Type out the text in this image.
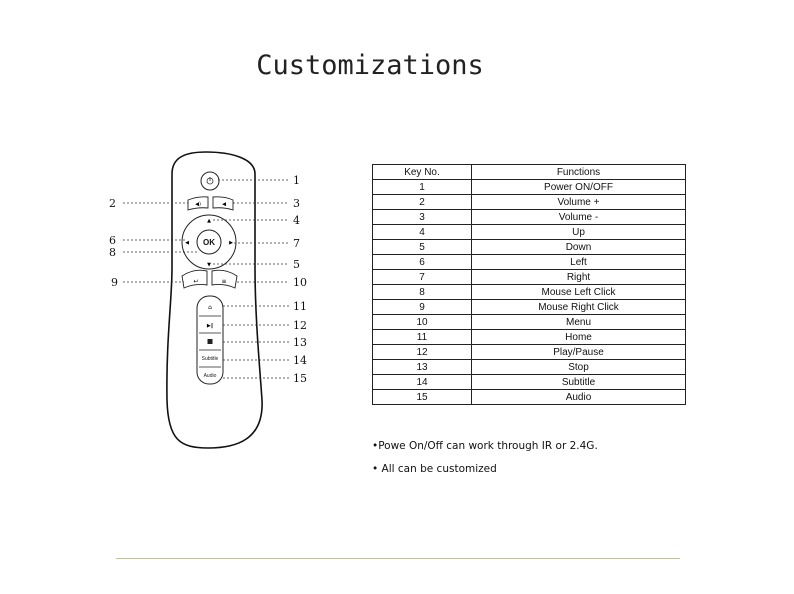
Customizations
◀)	◀
OK
▲
▼
◀	▶
↩	≡
⌂
▶‖
Subtitle
Audio
1
2	3
4
5
6	7
8
9	10
11
12
13
14
15
Key No.	Functions
1	Power ON/OFF
2	Volume +
3	Volume -
4	Up
5	Down
6	Left
7	Right
8	Mouse Left Click
9	Mouse Right Click
10	Menu
11	Home
12	Play/Pause
13	Stop
14	Subtitle
15	Audio
•Powe On/Off can work through IR or 2.4G.
• All can be customized
